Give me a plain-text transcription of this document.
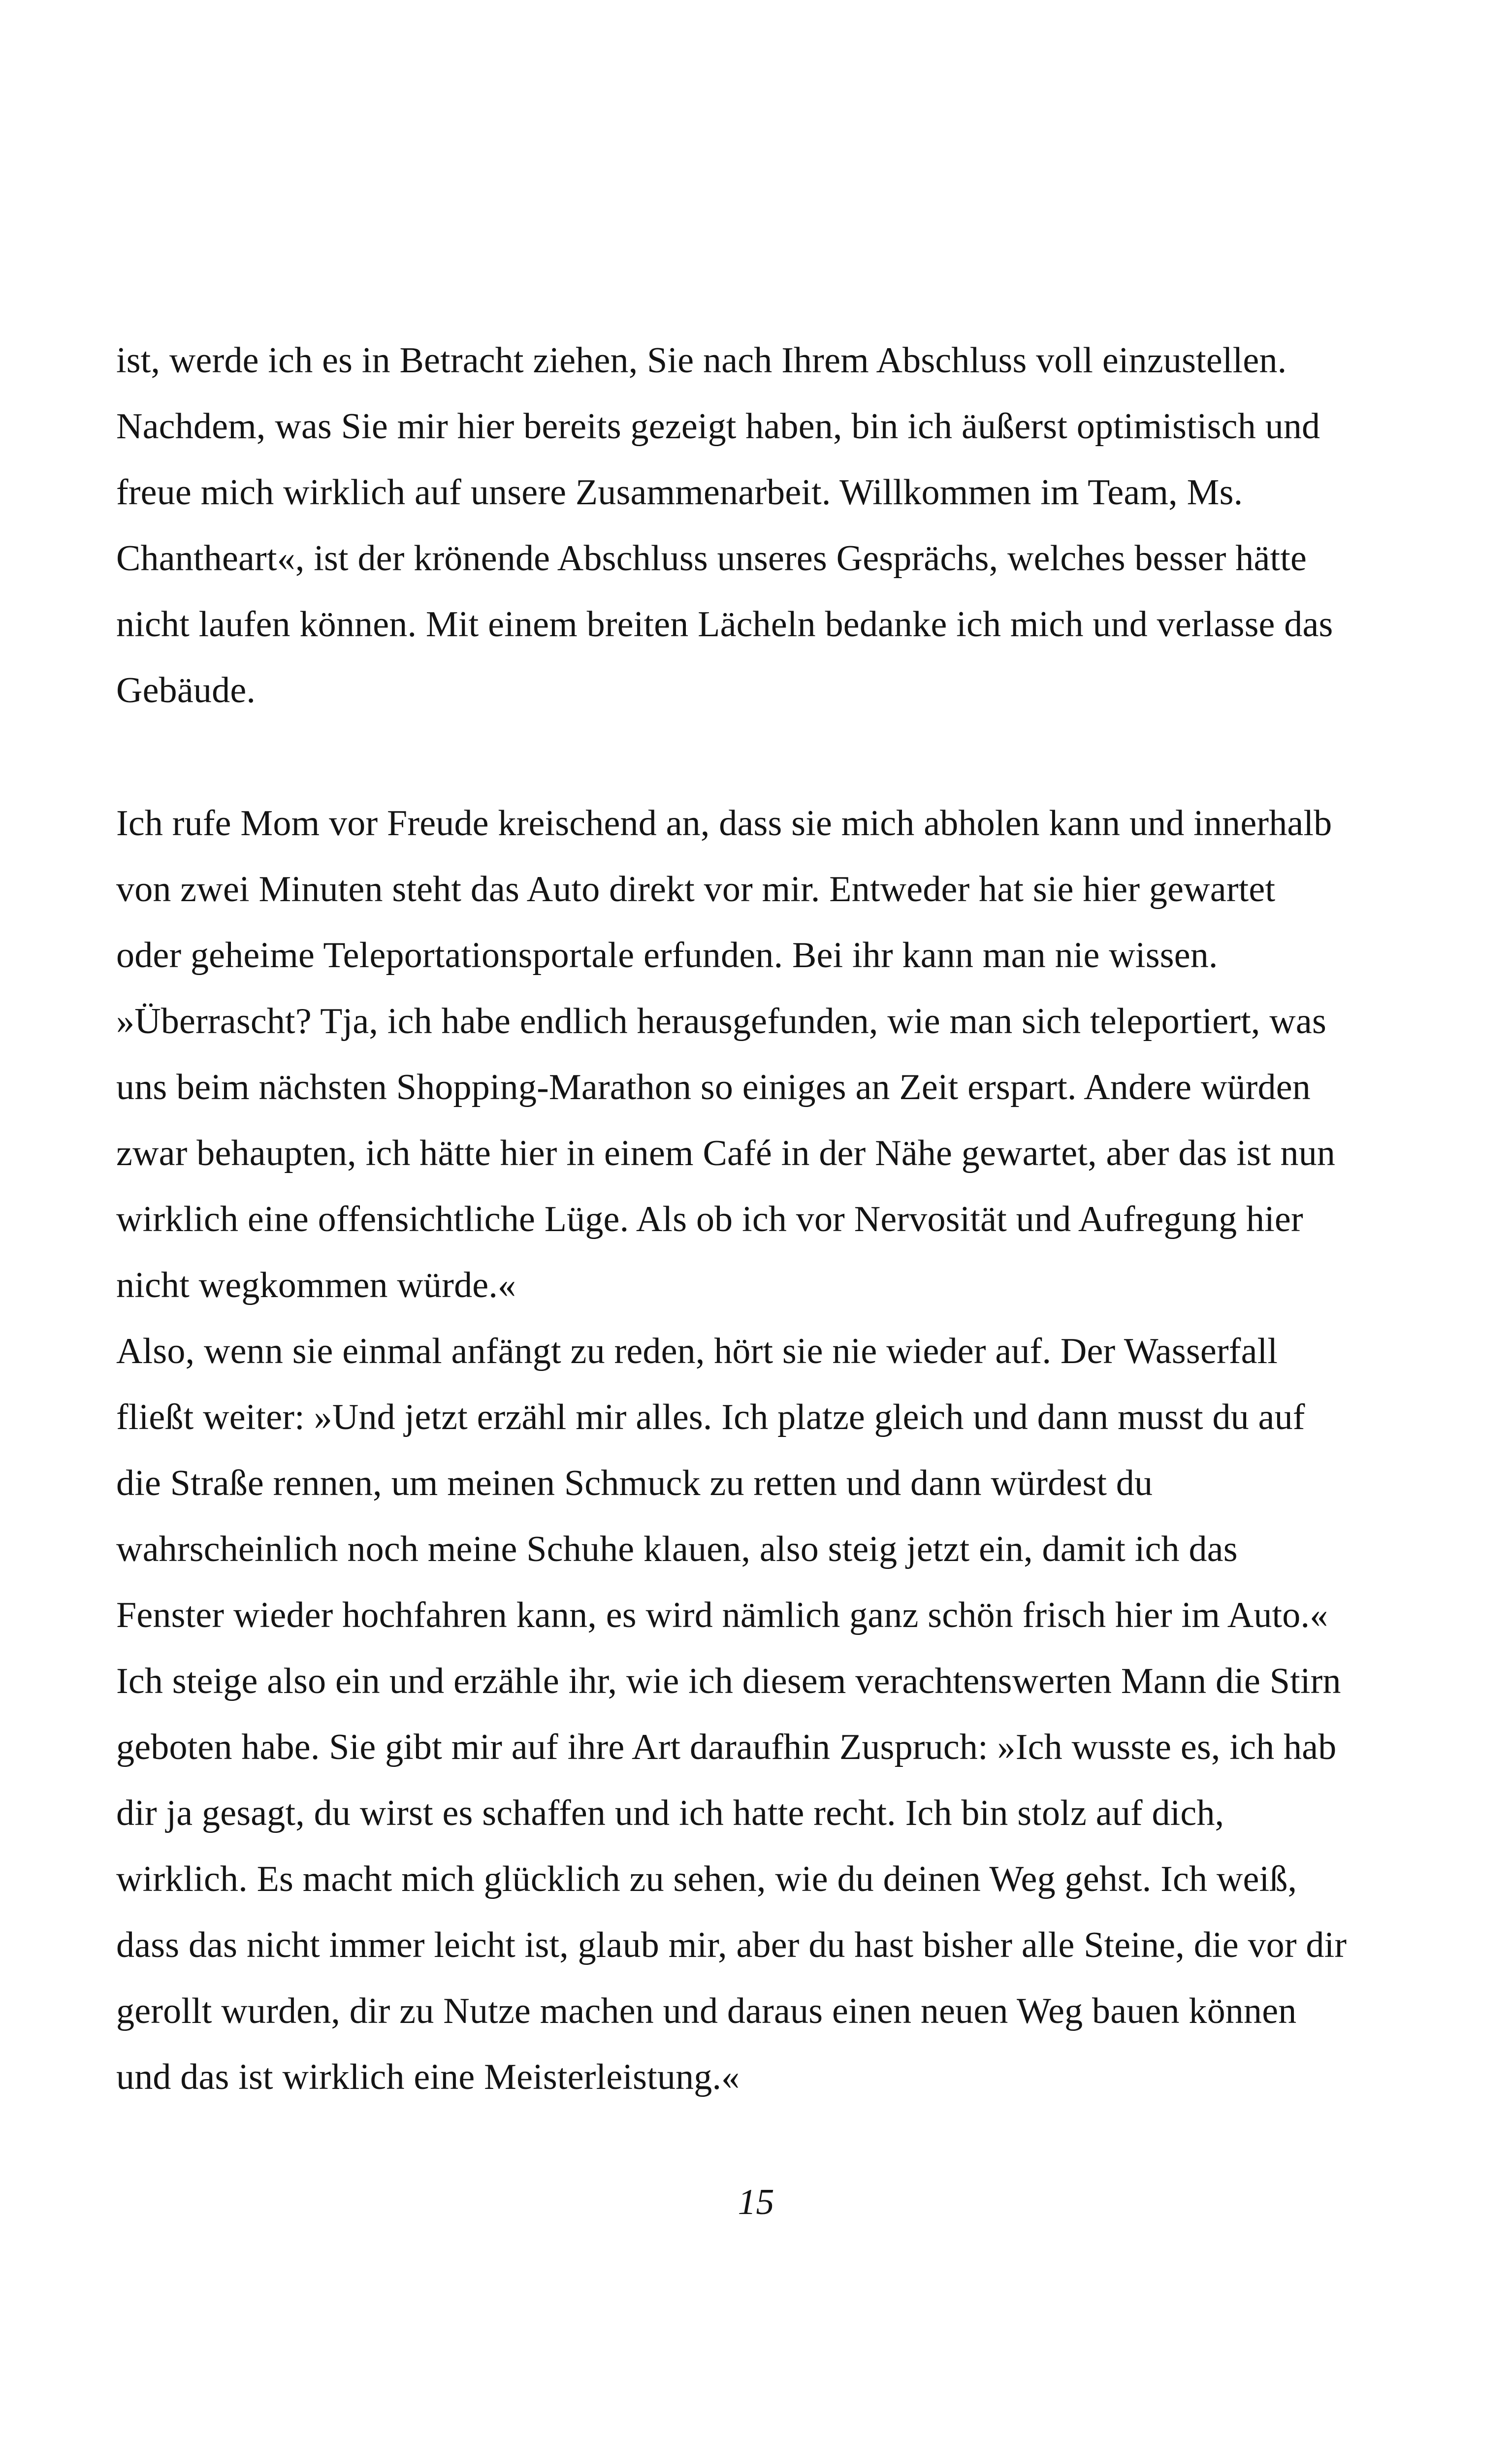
ist, werde ich es in Betracht ziehen, Sie nach Ihrem Abschluss voll einzustellen.
Nachdem, was Sie mir hier bereits gezeigt haben, bin ich äußerst optimistisch und
freue mich wirklich auf unsere Zusammenarbeit. Willkommen im Team, Ms.
Chantheart«, ist der krönende Abschluss unseres Gesprächs, welches besser hätte
nicht laufen können. Mit einem breiten Lächeln bedanke ich mich und verlasse das
Gebäude.
Ich rufe Mom vor Freude kreischend an, dass sie mich abholen kann und innerhalb
von zwei Minuten steht das Auto direkt vor mir. Entweder hat sie hier gewartet
oder geheime Teleportationsportale erfunden. Bei ihr kann man nie wissen.
»Überrascht? Tja, ich habe endlich herausgefunden, wie man sich teleportiert, was
uns beim nächsten Shopping-Marathon so einiges an Zeit erspart. Andere würden
zwar behaupten, ich hätte hier in einem Café in der Nähe gewartet, aber das ist nun
wirklich eine offensichtliche Lüge. Als ob ich vor Nervosität und Aufregung hier
nicht wegkommen würde.«
Also, wenn sie einmal anfängt zu reden, hört sie nie wieder auf. Der Wasserfall
fließt weiter: »Und jetzt erzähl mir alles. Ich platze gleich und dann musst du auf
die Straße rennen, um meinen Schmuck zu retten und dann würdest du
wahrscheinlich noch meine Schuhe klauen, also steig jetzt ein, damit ich das
Fenster wieder hochfahren kann, es wird nämlich ganz schön frisch hier im Auto.«
Ich steige also ein und erzähle ihr, wie ich diesem verachtenswerten Mann die Stirn
geboten habe. Sie gibt mir auf ihre Art daraufhin Zuspruch: »Ich wusste es, ich hab
dir ja gesagt, du wirst es schaffen und ich hatte recht. Ich bin stolz auf dich,
wirklich. Es macht mich glücklich zu sehen, wie du deinen Weg gehst. Ich weiß,
dass das nicht immer leicht ist, glaub mir, aber du hast bisher alle Steine, die vor dir
gerollt wurden, dir zu Nutze machen und daraus einen neuen Weg bauen können
und das ist wirklich eine Meisterleistung.«
15
